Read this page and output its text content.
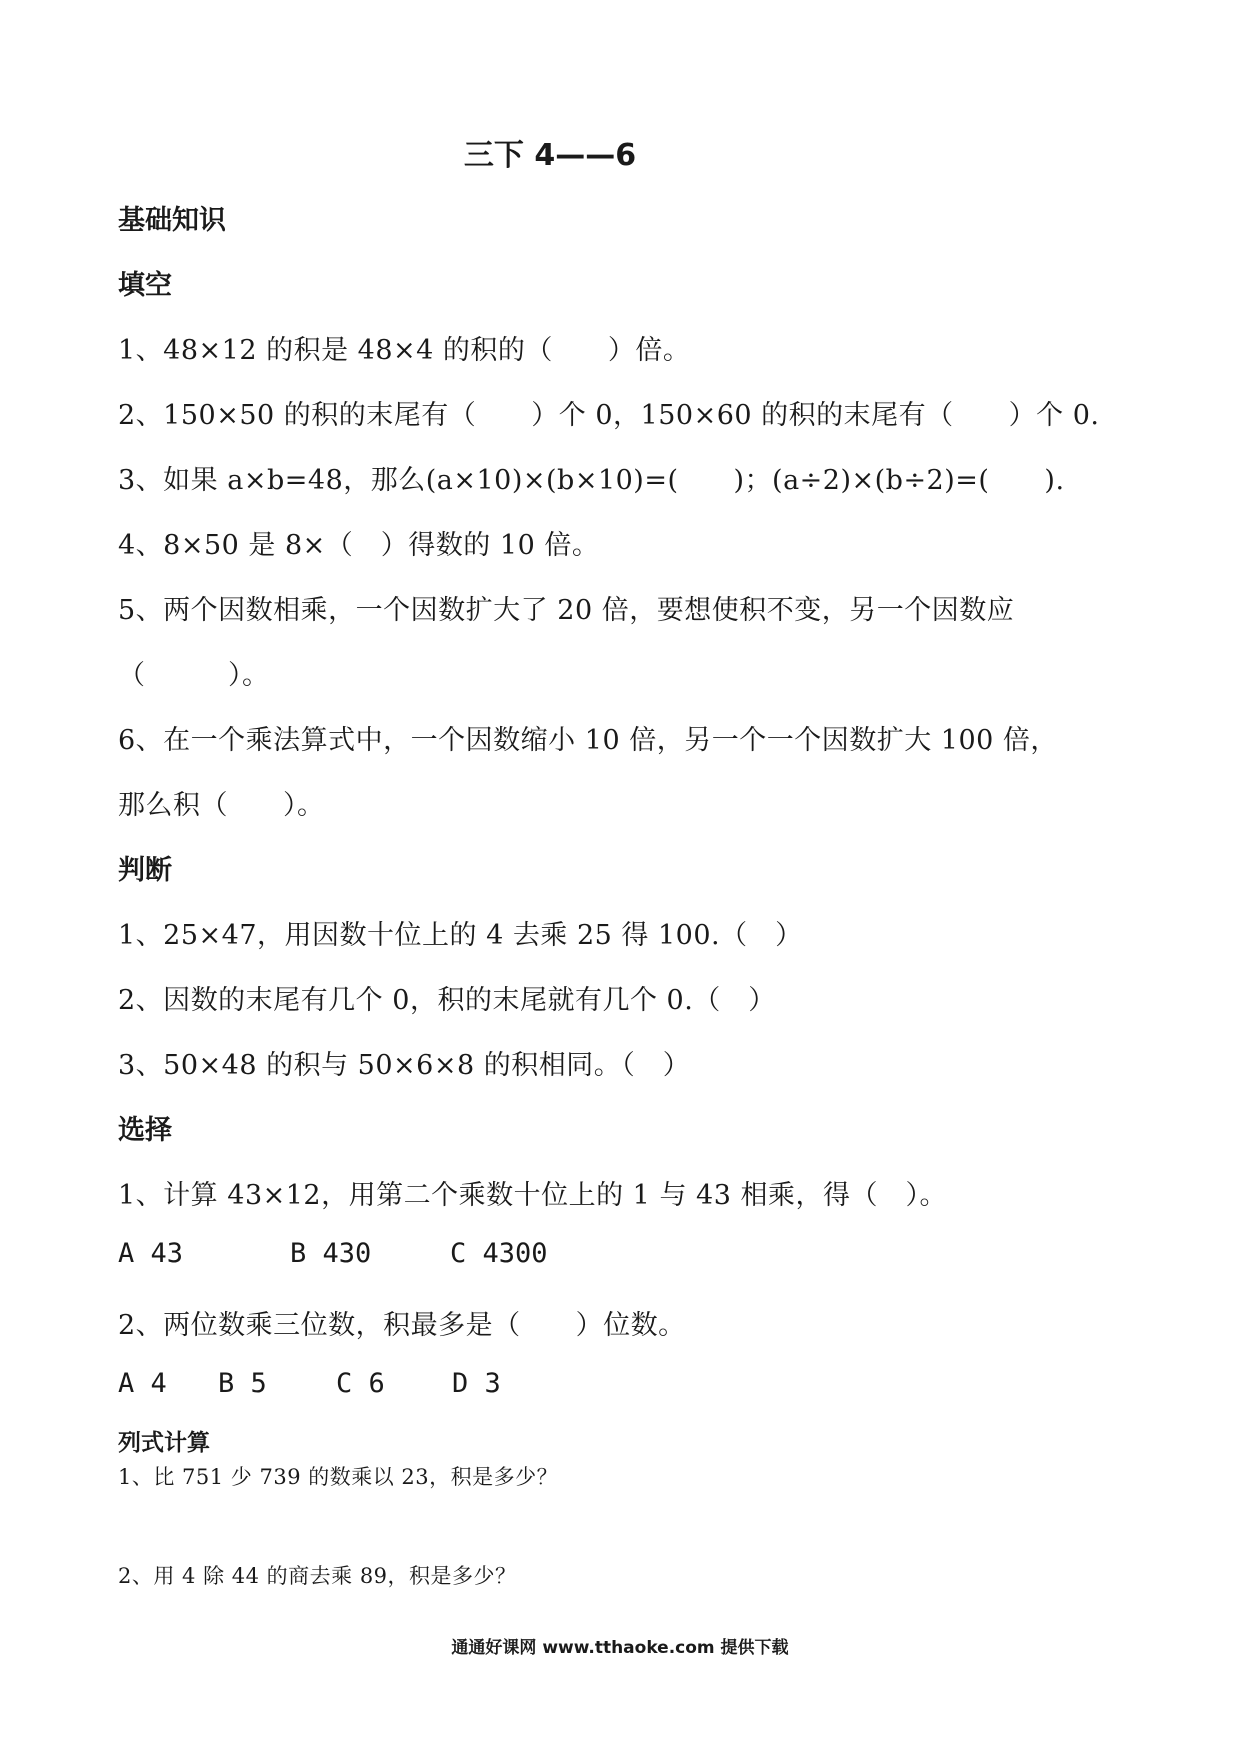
三下 4——6
基础知识
填空
1、48×12 的积是 48×4 的积的（　　）倍。
2、150×50 的积的末尾有（　　）个 0，150×60 的积的末尾有（　　）个 0.
3、如果 a×b=48，那么(a×10)×(b×10)=(　　)；(a÷2)×(b÷2)=(　　).
4、8×50 是 8×（　）得数的 10 倍。
5、两个因数相乘，一个因数扩大了 20 倍，要想使积不变，另一个因数应
（　　　）。
6、在一个乘法算式中，一个因数缩小 10 倍，另一个一个因数扩大 100 倍，
那么积（　　）。
判断
1、25×47，用因数十位上的 4 去乘 25 得 100.（　）
2、因数的末尾有几个 0，积的末尾就有几个 0.（　）
3、50×48 的积与 50×6×8 的积相同。（　）
选择
1、计算 43×12，用第二个乘数十位上的 1 与 43 相乘，得（　）。
A 43	B 430	C 4300
2、两位数乘三位数，积最多是（　　）位数。
A 4 B 5	C 6 D 3
列式计算
1、比 751 少 739 的数乘以 23，积是多少？
2、用 4 除 44 的商去乘 89，积是多少？
通通好课网 www.tthaoke.com 提供下载
